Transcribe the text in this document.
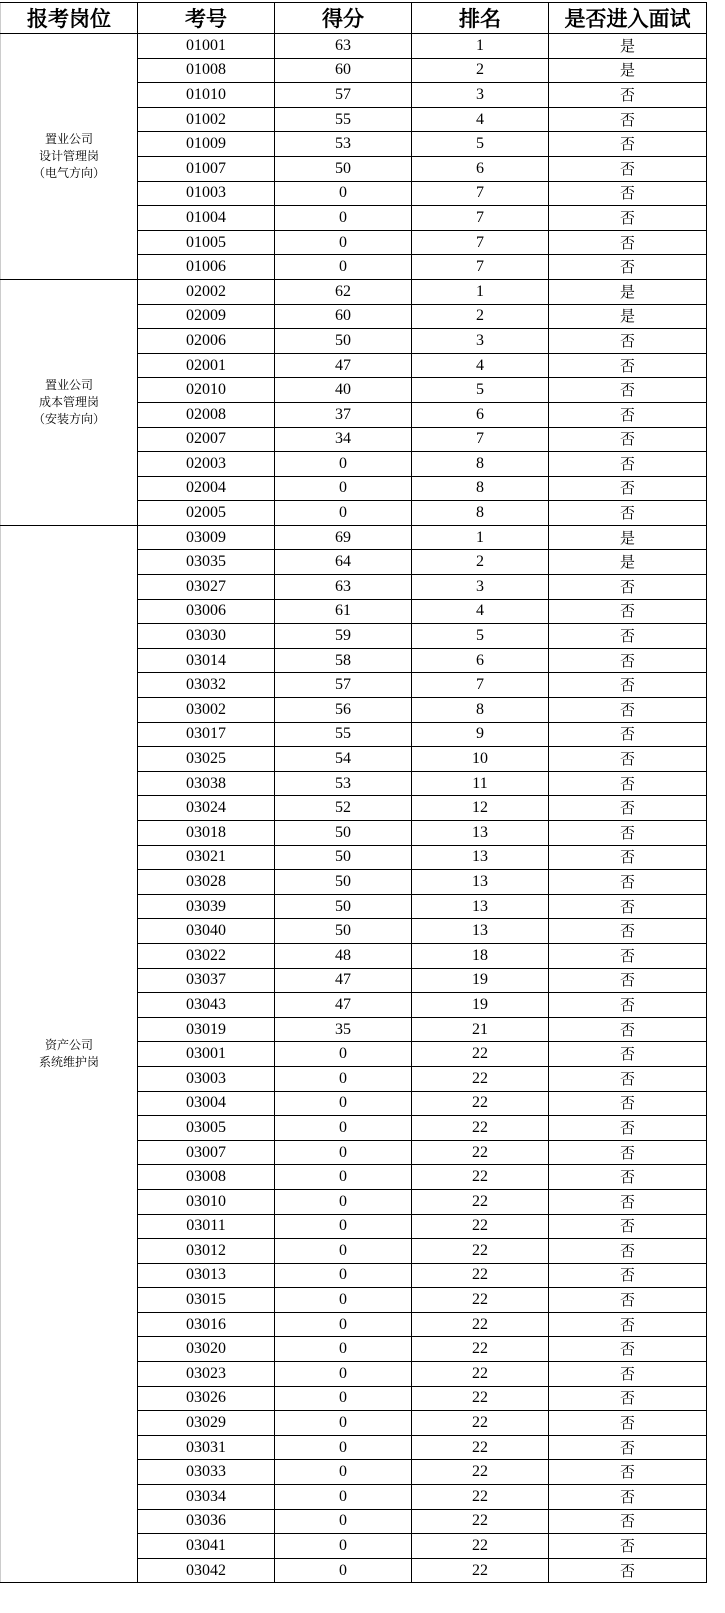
报考岗位	考号	得分	排名	是否进入面试

置业公司
设计管理岗
（电气方向）	01001	63	1	是
	01008	60	2	是
	01010	57	3	否
	01002	55	4	否
	01009	53	5	否
	01007	50	6	否
	01003	0	7	否
	01004	0	7	否
	01005	0	7	否
	01006	0	7	否

置业公司
成本管理岗
（安装方向）	02002	62	1	是
	02009	60	2	是
	02006	50	3	否
	02001	47	4	否
	02010	40	5	否
	02008	37	6	否
	02007	34	7	否
	02003	0	8	否
	02004	0	8	否
	02005	0	8	否

资产公司
系统维护岗	03009	69	1	是
	03035	64	2	是
	03027	63	3	否
	03006	61	4	否
	03030	59	5	否
	03014	58	6	否
	03032	57	7	否
	03002	56	8	否
	03017	55	9	否
	03025	54	10	否
	03038	53	11	否
	03024	52	12	否
	03018	50	13	否
	03021	50	13	否
	03028	50	13	否
	03039	50	13	否
	03040	50	13	否
	03022	48	18	否
	03037	47	19	否
	03043	47	19	否
	03019	35	21	否
	03001	0	22	否
	03003	0	22	否
	03004	0	22	否
	03005	0	22	否
	03007	0	22	否
	03008	0	22	否
	03010	0	22	否
	03011	0	22	否
	03012	0	22	否
	03013	0	22	否
	03015	0	22	否
	03016	0	22	否
	03020	0	22	否
	03023	0	22	否
	03026	0	22	否
	03029	0	22	否
	03031	0	22	否
	03033	0	22	否
	03034	0	22	否
	03036	0	22	否
	03041	0	22	否
	03042	0	22	否
